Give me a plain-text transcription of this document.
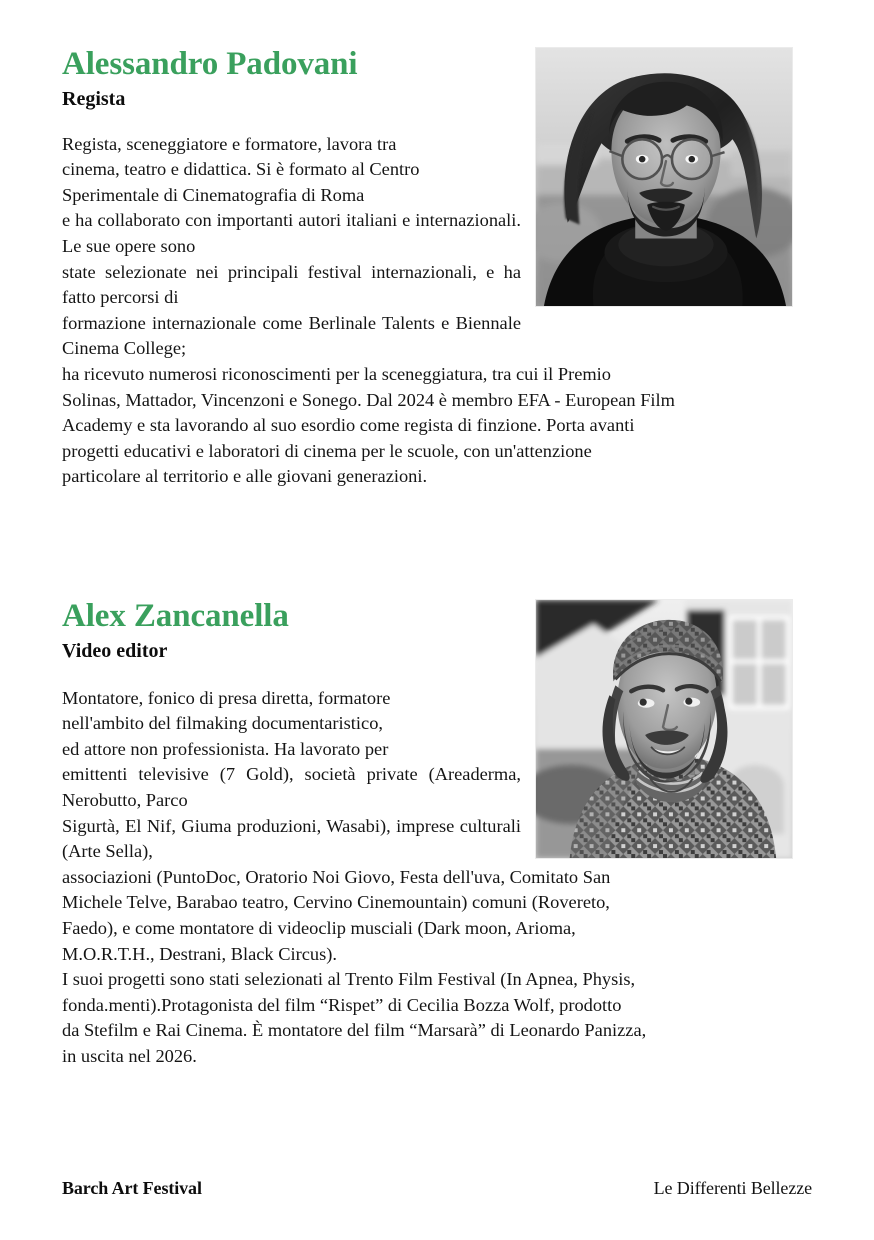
Alessandro Padovani
Regista

Regista, sceneggiatore e formatore, lavora tra

cinema, teatro e didattica. Si è formato al Centro

Sperimentale di Cinematografia di Roma

e ha collaborato con importanti autori italiani e internazionali. Le sue opere sono

state selezionate nei principali festival internazionali, e ha fatto percorsi di

formazione internazionale come Berlinale Talents e Biennale Cinema College;

ha ricevuto numerosi riconoscimenti per la sceneggiatura, tra cui il Premio

Solinas, Mattador, Vincenzoni e Sonego. Dal 2024 è membro EFA - European Film

Academy e sta lavorando al suo esordio come regista di finzione. Porta avanti

progetti educativi e laboratori di cinema per le scuole, con un'attenzione

particolare al territorio e alle giovani generazioni.

Alex Zancanella
Video editor

Montatore, fonico di presa diretta, formatore

nell'ambito del filmaking documentaristico,

ed attore non professionista. Ha lavorato per

emittenti televisive (7 Gold), società private (Areaderma, Nerobutto, Parco

Sigurtà, El Nif, Giuma produzioni, Wasabi), imprese culturali (Arte Sella),

associazioni (PuntoDoc, Oratorio Noi Giovo, Festa dell'uva, Comitato San

Michele Telve, Barabao teatro, Cervino Cinemountain) comuni (Rovereto,

Faedo), e come montatore di videoclip musciali (Dark moon, Arioma,

M.O.R.T.H., Destrani, Black Circus).

I suoi progetti sono stati selezionati al Trento Film Festival (In Apnea, Physis,

fonda.menti).Protagonista del film “Rispet” di Cecilia Bozza Wolf, prodotto

da Stefilm e Rai Cinema. È montatore del film “Marsarà” di Leonardo Panizza,

in uscita nel 2026.

Barch Art Festival	Le Differenti Bellezze
